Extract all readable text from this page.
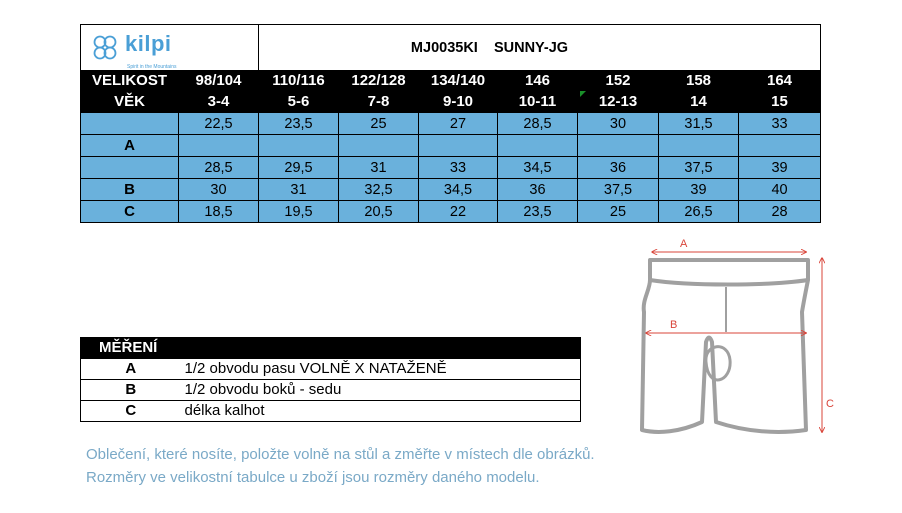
kilpi
Spirit in the Mountains		MJ0035KI SUNNY-JG						
VELIKOST	98/104	110/116	122/128	134/140	146	152	158	164
VĚK	3-4	5-6	7-8	9-10	10-11	12-13	14	15
	22,5	23,5	25	27	28,5	30	31,5	33
A								
	28,5	29,5	31	33	34,5	36	37,5	39
B	30	31	32,5	34,5	36	37,5	39	40
C	18,5	19,5	20,5	22	23,5	25	26,5	28
MĚŘENÍ	
A	1/2 obvodu pasu VOLNĚ X NATAŽENĚ
B	1/2 obvodu boků - sedu
C	délka kalhot
Oblečení, které nosíte, položte volně na stůl a změřte v místech dle obrázků.
Rozměry ve velikostní tabulce u zboží jsou rozměry daného modelu.
A
B
C
